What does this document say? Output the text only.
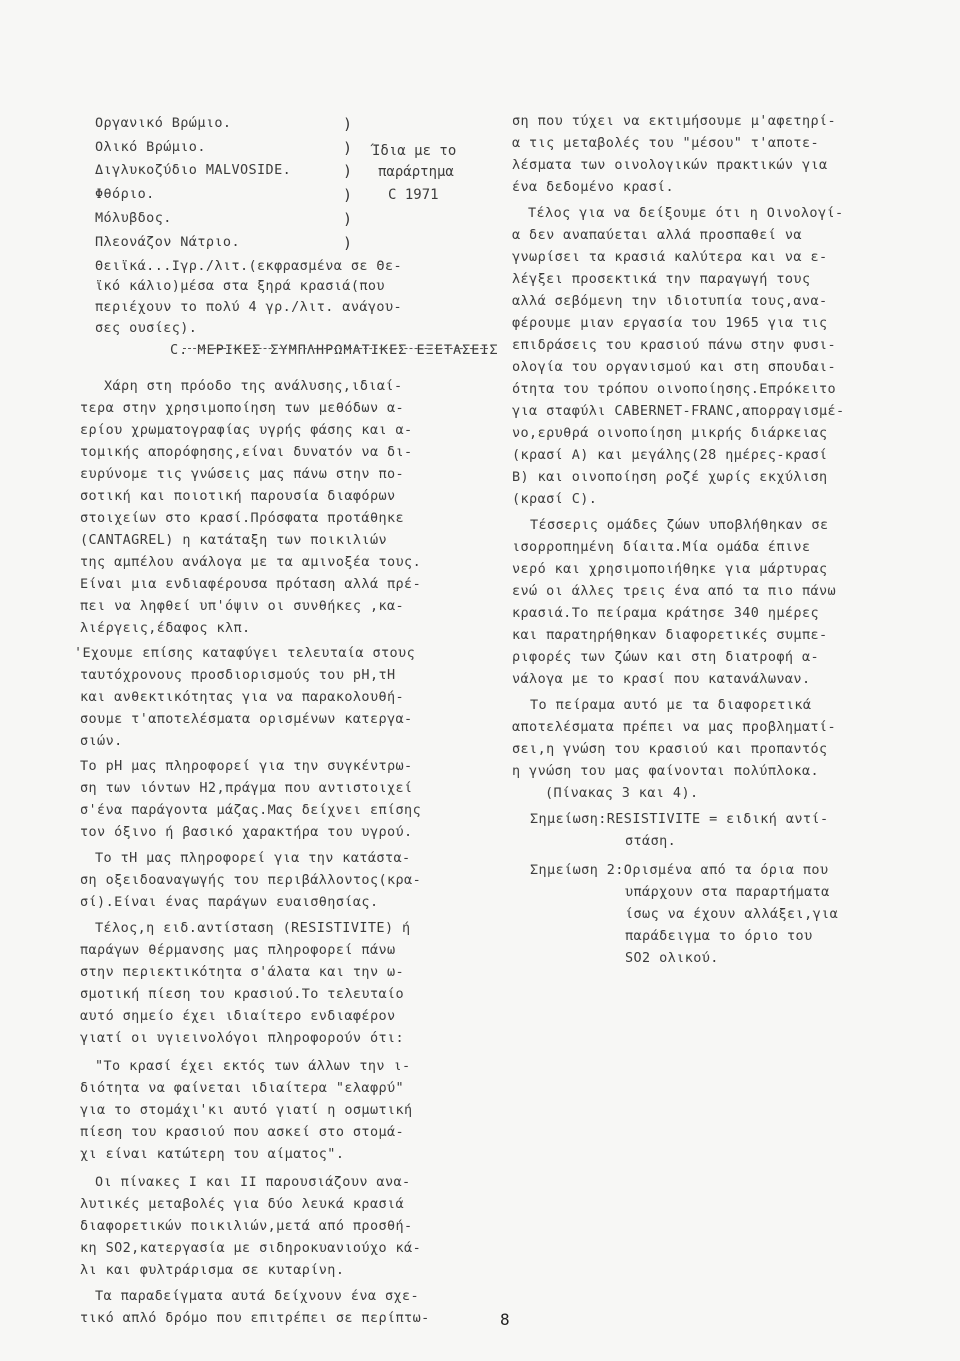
Οργανικό Βρώμιο.
Ολικό Βρώμιο.
Διγλυκοζύδιο MALVOSIDE.
Φθόριο.
Μόλυβδος.
Πλεονάζον Νάτριο.
Θειϊκά...Ιγρ./λιτ.(εκφρασμένα σε Θε-
ϊκό κάλιο)μέσα στα ξηρά κρασιά(που
περιέχουν το πολύ 4 γρ./λιτ. ανάγου-
σες ουσίες).
)
)
)
)
)
)
Ίδια με το
παράρτημα
C 1971
C. ΜΕΡΙΚΕΣ ΣΥΜΠΛΗΡΩΜΑΤΙΚΕΣ ΕΞΕΤΑΣΕΙΣ
Χάρη στη πρόοδο της ανάλυσης,ιδιαί-
τερα στην χρησιμοποίηση των μεθόδων α-
ερίου χρωματογραφίας υγρής φάσης και α-
τομικής απορόφησης,είναι δυνατόν να δι-
ευρύνομε τις γνώσεις μας πάνω στην πο-
σοτική και ποιοτική παρουσία διαφόρων
στοιχείων στο κρασί.Πρόσφατα προτάθηκε
(CANTAGREL) η κατάταξη των ποικιλιών
της αμπέλου ανάλογα με τα αμινοξέα τους.
Είναι μια ενδιαφέρουσα πρόταση αλλά πρέ-
πει να ληφθεί υπ'όψιν οι συνθήκες ,κα-
λιέργεις,έδαφος κλπ.
'Εχουμε επίσης καταφύγει τελευταία στους
ταυτόχρονους προσδιορισμούς του pH,τH
και ανθεκτικότητας για να παρακολουθή-
σουμε τ'αποτελέσματα ορισμένων κατεργα-
σιών.
Το pH μας πληροφορεί για την συγκέντρω-
ση των ιόντων H2,πράγμα που αντιστοιχεί
σ'ένα παράγοντα μάζας.Μας δείχνει επίσης
τον όξινο ή βασικό χαρακτήρα του υγρού.
Το τH μας πληροφορεί για την κατάστα-
ση οξειδοαναγωγής του περιβάλλοντος(κρα-
σί).Είναι ένας παράγων ευαισθησίας.
Τέλος,η ειδ.αντίσταση (RESISTIVITE) ή
παράγων θέρμανσης μας πληροφορεί πάνω
στην περιεκτικότητα σ'άλατα και την ω-
σμοτική πίεση του κρασιού.Το τελευταίο
αυτό σημείο έχει ιδιαίτερο ενδιαφέρον
γιατί οι υγιεινολόγοι πληροφορούν ότι:
"Το κρασί έχει εκτός των άλλων την ι-
διότητα να φαίνεται ιδιαίτερα "ελαφρύ"
για το στομάχι'κι αυτό γιατί η οσμωτική
πίεση του κρασιού που ασκεί στο στομά-
χι είναι κατώτερη του αίματος".
Οι πίνακες Ι και ΙΙ παρουσιάζουν ανα-
λυτικές μεταβολές για δύο λευκά κρασιά
διαφορετικών ποικιλιών,μετά από προσθή-
κη SO2,κατεργασία με σιδηροκυανιούχο κά-
λι και φυλτράρισμα σε κυταρίνη.
Τα παραδείγματα αυτά δείχνουν ένα σχε-
τικό απλό δρόμο που επιτρέπει σε περίπτω-
ση που τύχει να εκτιμήσουμε μ'αφετηρί-
α τις μεταβολές του "μέσου" τ'αποτε-
λέσματα των οινολογικών πρακτικών για
ένα δεδομένο κρασί.
Τέλος για να δείξουμε ότι η Οινολογί-
α δεν αναπαύεται αλλά προσπαθεί να
γνωρίσει τα κρασιά καλύτερα και να ε-
λέγξει προσεκτικά την παραγωγή τους
αλλά σεβόμενη την ιδιοτυπία τους,ανα-
φέρουμε μιαν εργασία του 1965 για τις
επιδράσεις του κρασιού πάνω στην φυσι-
ολογία του οργανισμού και στη σπουδαι-
ότητα του τρόπου οινοποίησης.Επρόκειτο
για σταφύλι CABERNET-FRANC,απορραγισμέ-
νο,ερυθρά οινοποίηση μικρής διάρκειας
(κρασί Α) και μεγάλης(28 ημέρες-κρασί
Β) και οινοποίηση ροζέ χωρίς εκχύλιση
(κρασί C).
Τέσσερις ομάδες ζώων υποβλήθηκαν σε
ισορροπημένη δίαιτα.Μία ομάδα έπινε
νερό και χρησιμοποιήθηκε για μάρτυρας
ενώ οι άλλες τρεις ένα από τα πιο πάνω
κρασιά.Το πείραμα κράτησε 340 ημέρες
και παρατηρήθηκαν διαφορετικές συμπε-
ριφορές των ζώων και στη διατροφή α-
νάλογα με το κρασί που κατανάλωναν.
Το πείραμα αυτό με τα διαφορετικά
αποτελέσματα πρέπει να μας προβληματί-
σει,η γνώση του κρασιού και προπαντός
η γνώση του μας φαίνονται πολύπλοκα.
(Πίνακας 3 και 4).
Σημείωση:RESISTIVITE = ειδική αντί-
στάση.
Σημείωση 2:Ορισμένα από τα όρια που
υπάρχουν στα παραρτήματα
ίσως να έχουν αλλάξει,για
παράδειγμα το όριο του
SO2 ολικού.
8
